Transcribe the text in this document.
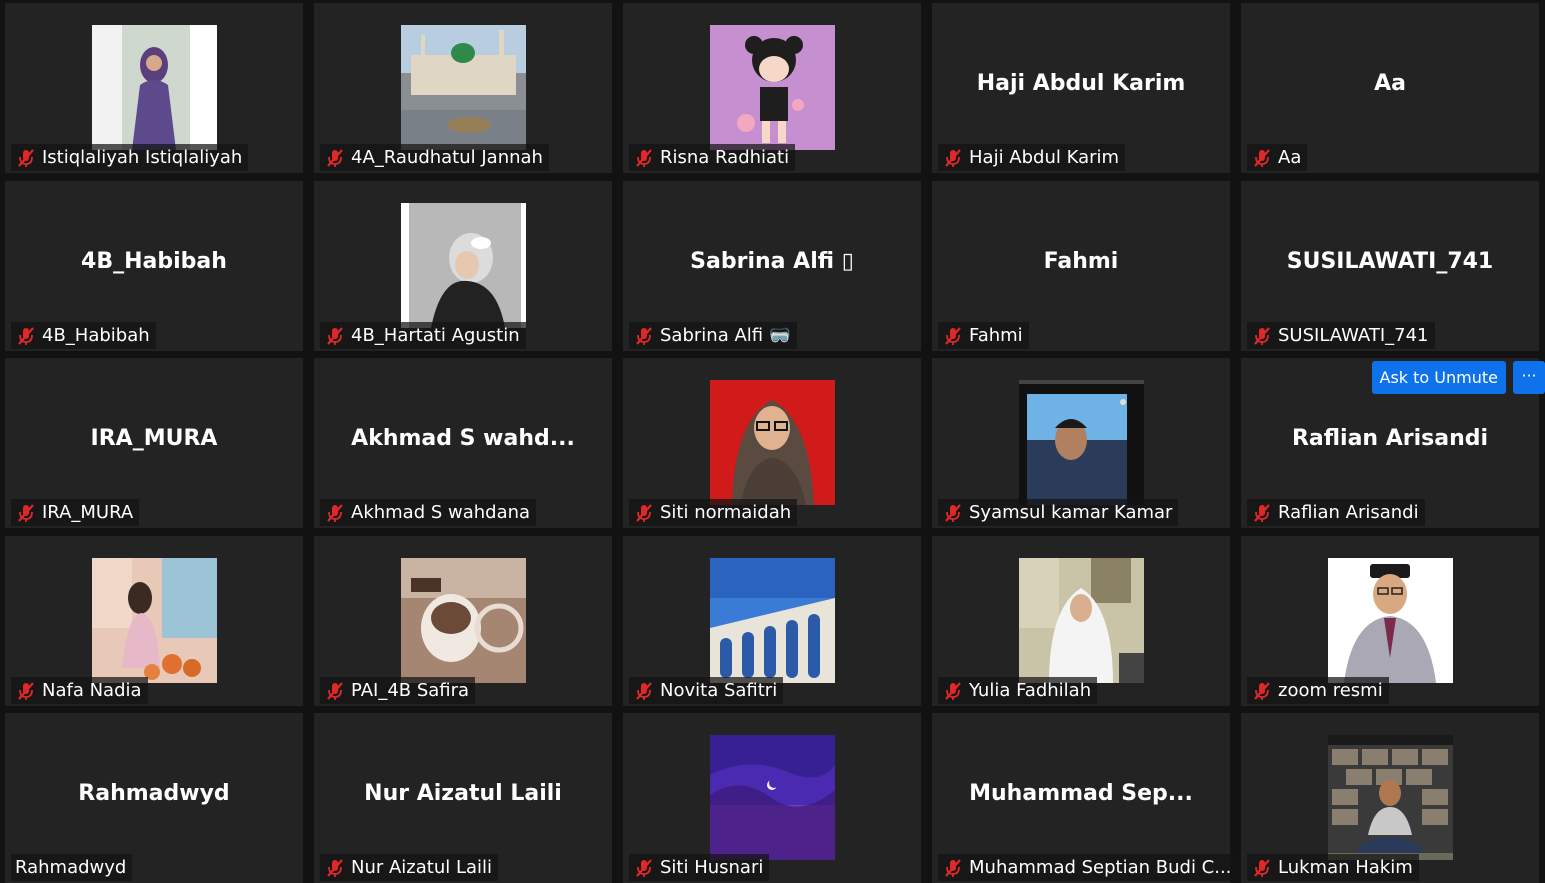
Istiqlaliyah Istiqlaliyah	4A_Raudhatul Jannah	Risna Radhiati
Haji Abdul Karim
Haji Abdul Karim
Aa
Aa
4B_Habibah
4B_Habibah	4B_Hartati Agustin
Sabrina Alfi ▯
Sabrina Alfi 🥽
Fahmi
Fahmi
SUSILAWATI_741
SUSILAWATI_741
IRA_MURA
IRA_MURA
Akhmad S wahd...
Akhmad S wahdana	Siti normaidah	Syamsul kamar Kamar
Raflian Arisandi
Raflian Arisandi
Ask to Unmute	···
Nafa Nadia	PAI_4B Safira	Novita Safitri	Yulia Fadhilah	zoom resmi
Rahmadwyd
Rahmadwyd
Nur Aizatul Laili
Nur Aizatul Laili	Siti Husnari
Muhammad Sep...
Muhammad Septian Budi C...	Lukman Hakim
